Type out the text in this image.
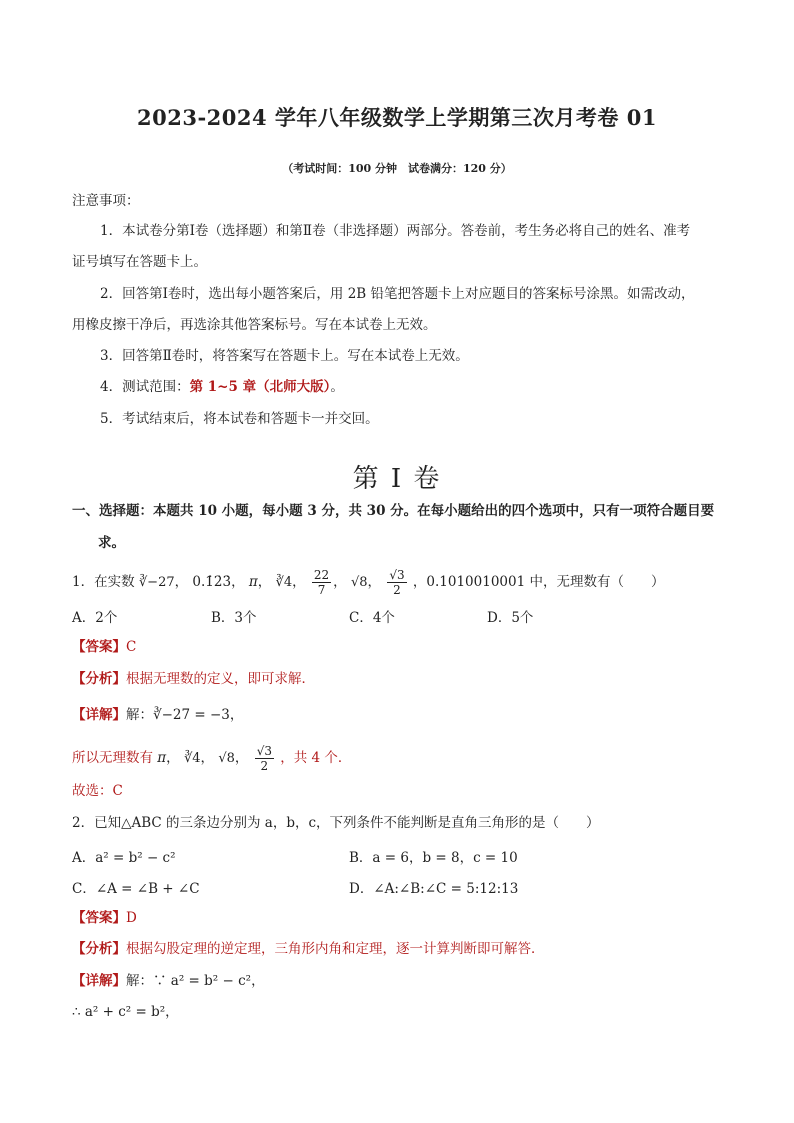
2023-2024 学年八年级数学上学期第三次月考卷 01
（考试时间：100 分钟　试卷满分：120 分）
注意事项：
1．本试卷分第Ⅰ卷（选择题）和第Ⅱ卷（非选择题）两部分。答卷前，考生务必将自己的姓名、准考
证号填写在答题卡上。
2．回答第Ⅰ卷时，选出每小题答案后，用 2B 铅笔把答题卡上对应题目的答案标号涂黑。如需改动，
用橡皮擦干净后，再选涂其他答案标号。写在本试卷上无效。
3．回答第Ⅱ卷时，将答案写在答题卡上。写在本试卷上无效。
4．测试范围：第 1~5 章（北师大版）。
5．考试结束后，将本试卷和答题卡一并交回。
第 I 卷
一、选择题：本题共 10 小题，每小题 3 分，共 30 分。在每小题给出的四个选项中，只有一项符合题目要
求。
1．在实数 ∛−27， 0.1̇2̇3̇， π， ∛4， $\frac{22}{7}$ ， √8， $\frac{√3}{2}$ ，0.1010010001 中，无理数有（　　）
A．2个	B．3个	C．4个	D．5个
【答案】C
【分析】根据无理数的定义，即可求解．
【详解】解：∛−27 = −3，
所以无理数有 π， ∛4， √8， $\frac{√3}{2}$ ，共 4 个．
故选：C
2．已知△ABC 的三条边分别为 a，b，c，下列条件不能判断是直角三角形的是（　　）
A．a² = b² − c²	B．a = 6，b = 8，c = 10
C．∠A = ∠B + ∠C	D．∠A:∠B:∠C = 5:12:13
【答案】D
【分析】根据勾股定理的逆定理，三角形内角和定理，逐一计算判断即可解答．
【详解】解：∵ a² = b² − c²，
∴ a² + c² = b²，
